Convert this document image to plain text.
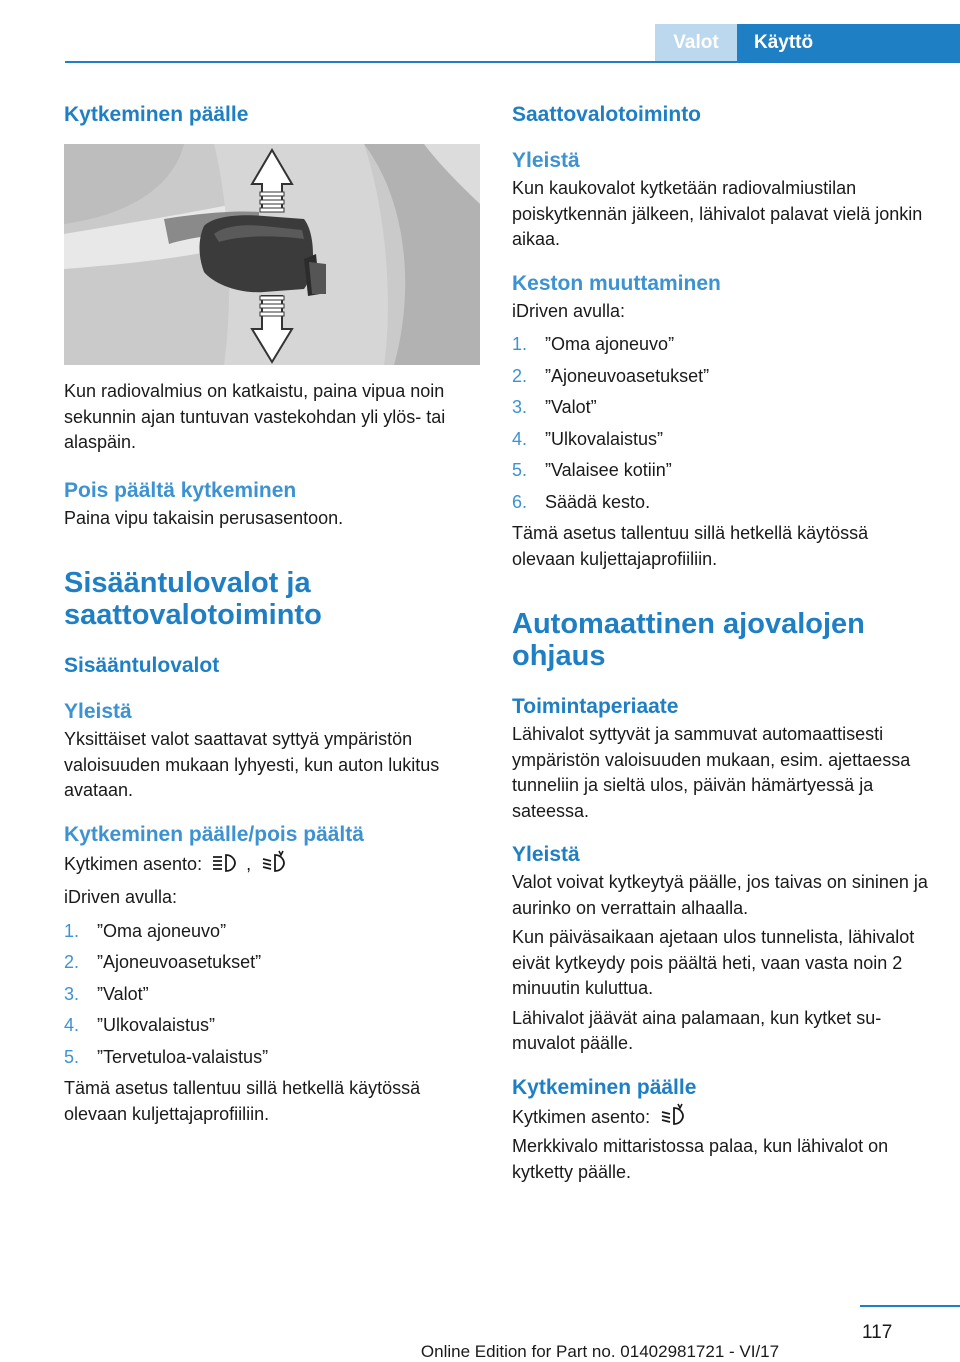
Valot	Käyttö
Kytkeminen päälle
Kun radiovalmius on katkaistu, paina vipua noin sekunnin ajan tuntuvan vastekohdan yli ylös- tai alaspäin.
Pois päältä kytkeminen
Paina vipu takaisin perusasentoon.
Sisääntulovalot ja saattovalotoiminto
Sisääntulovalot
Yleistä
Yksittäiset valot saattavat syttyä ympäristön valoisuuden mukaan lyhyesti, kun auton lukitus avataan.
Kytkeminen päälle/pois päältä
Kytkimen asento: ,
iDriven avulla:
1. ”Oma ajoneuvo”
2. ”Ajoneuvoasetukset”
3. ”Valot”
4. ”Ulkovalaistus”
5. ”Tervetuloa-valaistus”
Tämä asetus tallentuu sillä hetkellä käytössä olevaan kuljettajaprofiiliin.
Saattovalotoiminto
Yleistä
Kun kaukovalot kytketään radiovalmiustilan poiskytkennän jälkeen, lähivalot palavat vielä jonkin aikaa.
Keston muuttaminen
iDriven avulla:
1. ”Oma ajoneuvo”
2. ”Ajoneuvoasetukset”
3. ”Valot”
4. ”Ulkovalaistus”
5. ”Valaisee kotiin”
6. Säädä kesto.
Tämä asetus tallentuu sillä hetkellä käytössä olevaan kuljettajaprofiiliin.
Automaattinen ajovalojen ohjaus
Toimintaperiaate
Lähivalot syttyvät ja sammuvat automaattisesti ympäristön valoisuuden mukaan, esim. ajettaessa tunneliin ja sieltä ulos, päivän hämärtyessä ja sateessa.
Yleistä
Valot voivat kytkeytyä päälle, jos taivas on sininen ja aurinko on verrattain alhaalla.
Kun päiväsaikaan ajetaan ulos tunnelista, lähivalot eivät kytkeydy pois päältä heti, vaan vasta noin 2 minuutin kuluttua.
Lähivalot jäävät aina palamaan, kun kytket sumuvalot päälle.
Kytkeminen päälle
Kytkimen asento:
Merkkivalo mittaristossa palaa, kun lähivalot on kytketty päälle.
117
Online Edition for Part no. 01402981721 - VI/17
